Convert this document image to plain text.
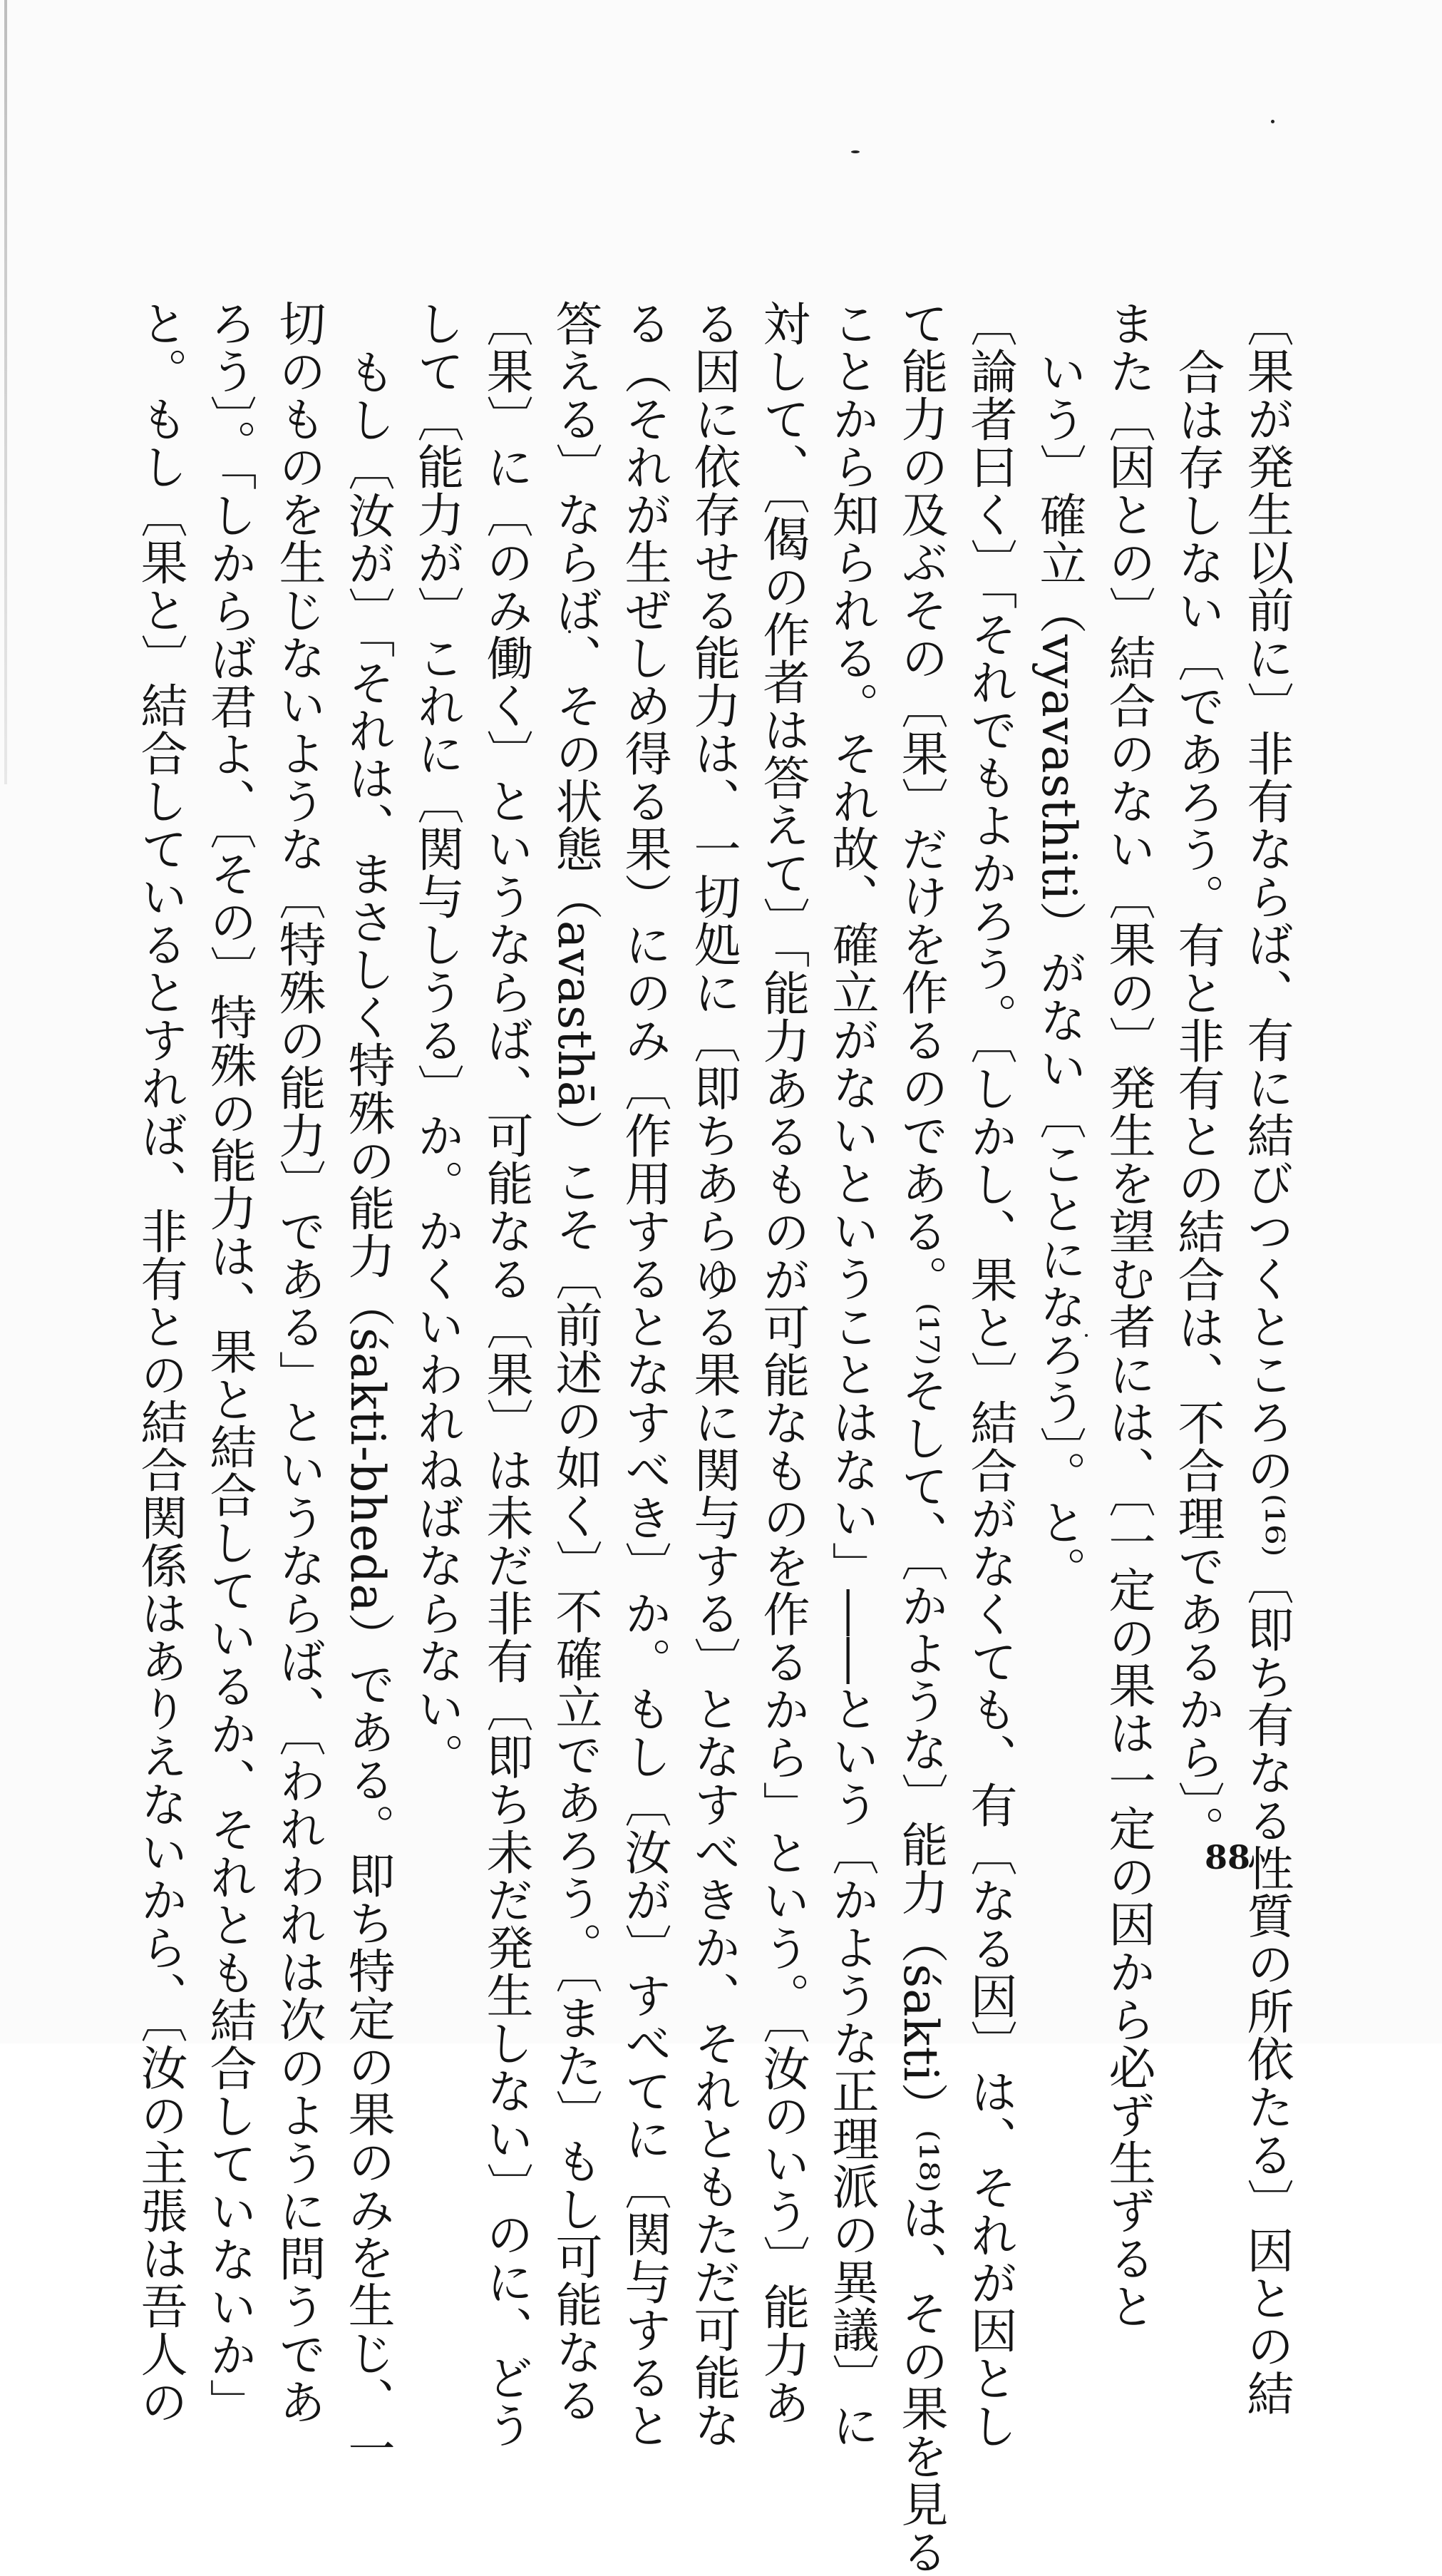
〔果が発生以前に〕非有ならば、有に結びつくところの⁽¹⁶⁾〔即ち有なる性質の所依たる〕因との結
合は存しない〔であろう。有と非有との結合は、不合理であるから〕。
また〔因との〕結合のない〔果の〕発生を望む者には、〔一定の果は一定の因から必ず生ずると
いう〕確立（vyavasthiti）がない〔ことになろう〕。と。
〔論者曰く〕「それでもよかろう。〔しかし、果と〕結合がなくても、有〔なる因〕は、それが因とし
て能力の及ぶその〔果〕だけを作るのである。⁽¹⁷⁾そして、〔かような〕能力（śakti）⁽¹⁸⁾は、その果を見る
ことから知られる。それ故、確立がないということはない」――という〔かような正理派の異議〕に
対して、〔偈の作者は答えて〕「能力あるものが可能なものを作るから」という。〔汝のいう〕能力あ
る因に依存せる能力は、一切処に〔即ちあらゆる果に関与する〕となすべきか、それともただ可能な
る（それが生ぜしめ得る果）にのみ〔作用するとなすべき〕か。もし〔汝が〕すべてに〔関与すると
答える〕ならば、その状態（avasthā）こそ〔前述の如く〕不確立であろう。〔また〕もし可能なる
〔果〕に〔のみ働く〕というならば、可能なる〔果〕は未だ非有〔即ち未だ発生しない〕のに、どう
して〔能力が〕これに〔関与しうる〕か。かくいわれねばならない。
もし〔汝が〕「それは、まさしく特殊の能力（śakti-bheda）である。即ち特定の果のみを生じ、一
切のものを生じないような〔特殊の能力〕である」というならば、〔われわれは次のように問うであ
ろう〕。「しからば君よ、〔その〕特殊の能力は、果と結合しているか、それとも結合していないか」
と。もし〔果と〕結合しているとすれば、非有との結合関係はありえないから、〔汝の主張は吾人の	88
